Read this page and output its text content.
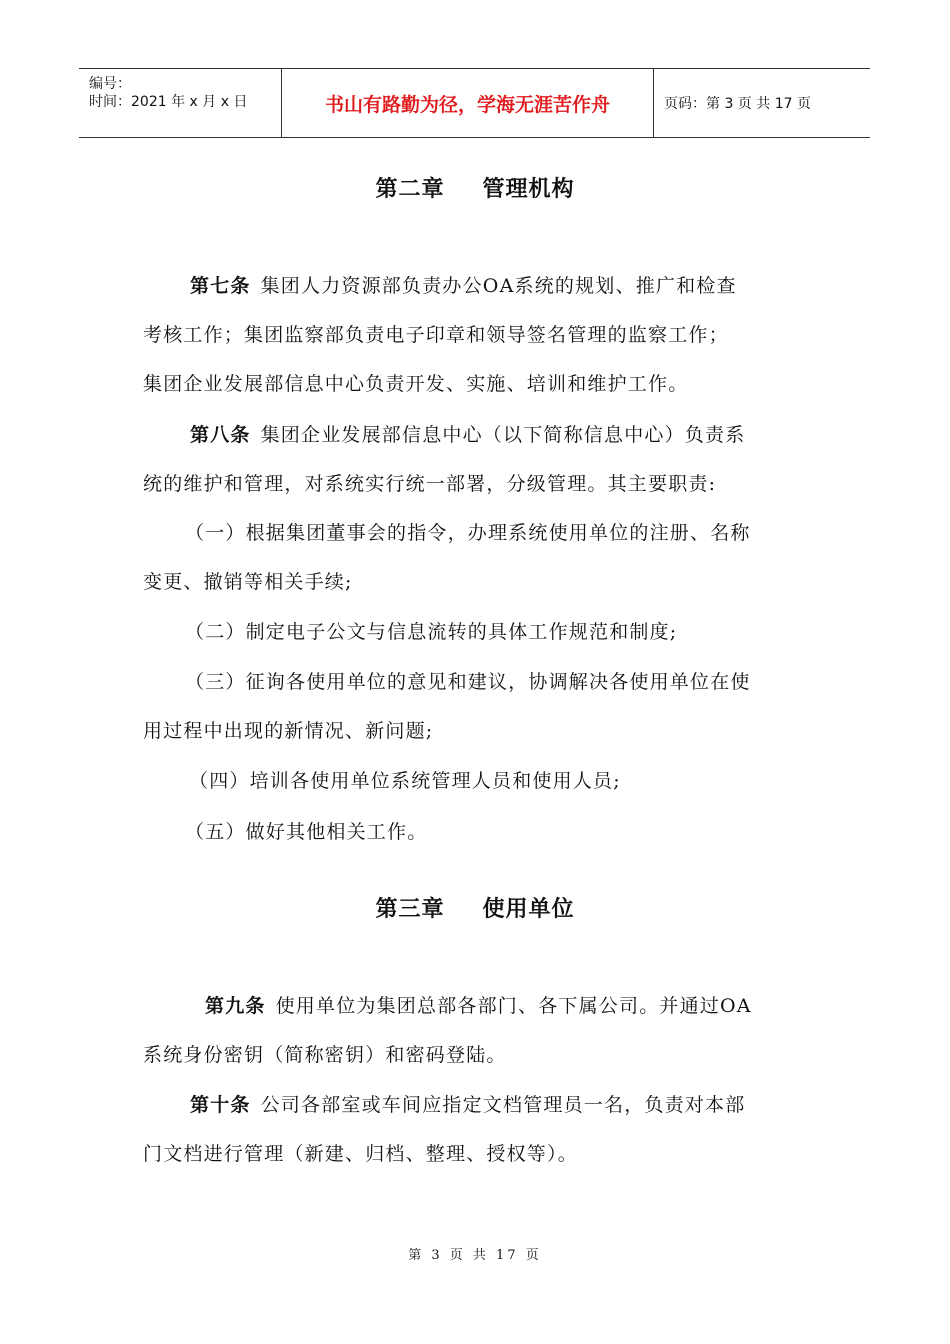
编号：
时间：2021 年 x 月 x 日	书山有路勤为径，学海无涯苦作舟	页码：第 3 页 共 17 页
第二章 管理机构
第七条 集团人力资源部负责办公OA系统的规划、推广和检查
考核工作；集团监察部负责电子印章和领导签名管理的监察工作；
集团企业发展部信息中心负责开发、实施、培训和维护工作。
第八条 集团企业发展部信息中心（以下简称信息中心）负责系
统的维护和管理，对系统实行统一部署，分级管理。其主要职责:
（一）根据集团董事会的指令，办理系统使用单位的注册、名称
变更、撤销等相关手续;
（二）制定电子公文与信息流转的具体工作规范和制度;
（三）征询各使用单位的意见和建议，协调解决各使用单位在使
用过程中出现的新情况、新问题;
（四）培训各使用单位系统管理人员和使用人员;
（五）做好其他相关工作。
第三章 使用单位
第九条 使用单位为集团总部各部门、各下属公司。并通过OA
系统身份密钥（简称密钥）和密码登陆。
第十条 公司各部室或车间应指定文档管理员一名，负责对本部
门文档进行管理（新建、归档、整理、授权等）。
第 3 页 共 17 页
